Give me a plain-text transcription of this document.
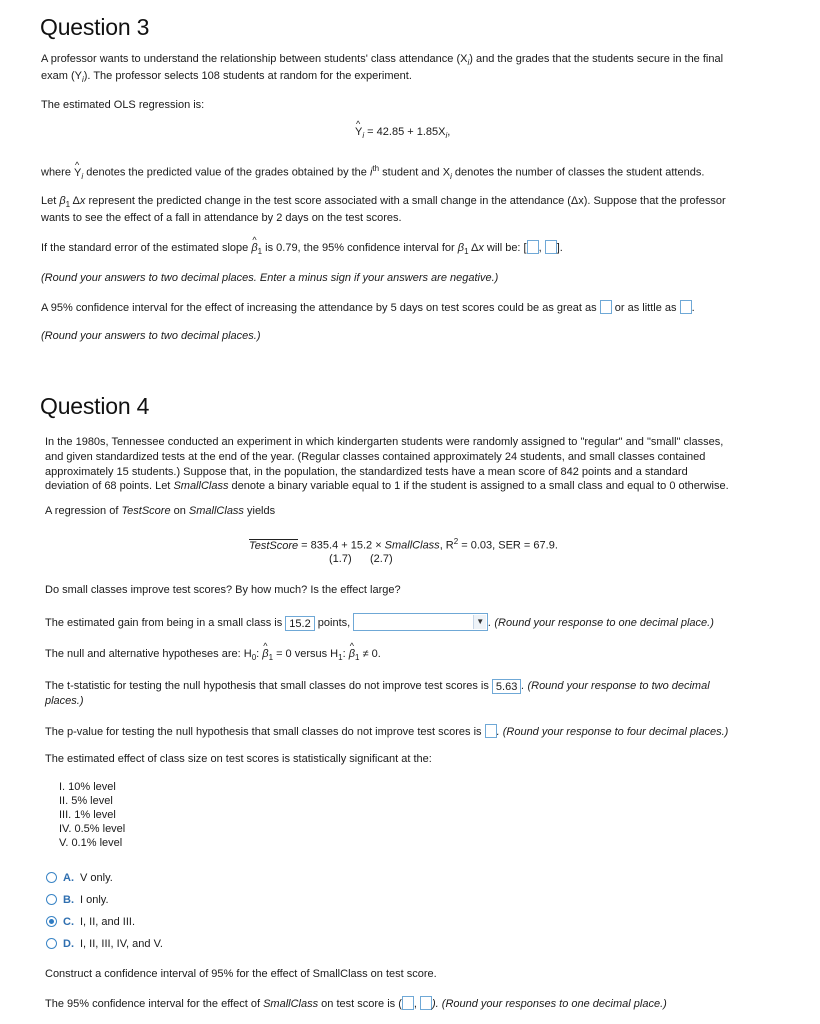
Question 3
A professor wants to understand the relationship between students' class attendance $(X_i)$ and the grades that the students secure in the final
exam $(Y_i)$. The professor selects 108 students at random for the experiment.
The estimated OLS regression is:
^ $Y_i = 42.85 + 1.85X_i$,
where ^ $Y_i$ denotes the predicted value of the grades obtained by the $i^{th}$ student and $X_i$ denotes the number of classes the student attends.
Let $\beta_1$ Δx represent the predicted change in the test score associated with a small change in the attendance (Δx). Suppose that the professor
wants to see the effect of a fall in attendance by 2 days on the test scores.
If the standard error of the estimated slope ^ $\beta_1$ is 0.79, the 95% confidence interval for $\beta_1$ Δx will be: [ , ].
(Round your answers to two decimal places. Enter a minus sign if your answers are negative.)
A 95% confidence interval for the effect of increasing the attendance by 5 days on test scores could be as great as or as little as .
(Round your answers to two decimal places.)
Question 4
In the 1980s, Tennessee conducted an experiment in which kindergarten students were randomly assigned to "regular" and "small" classes,
and given standardized tests at the end of the year. (Regular classes contained approximately 24 students, and small classes contained
approximately 15 students.) Suppose that, in the population, the standardized tests have a mean score of 842 points and a standard
deviation of 68 points. Let SmallClass denote a binary variable equal to 1 if the student is assigned to a small class and equal to 0 otherwise.
A regression of TestScore on SmallClass yields
TestScore = 835.4 + 15.2 × SmallClass, $R^2 = 0.03$, SER = 67.9.
(1.7) (2.7)
Do small classes improve test scores? By how much? Is the effect large?
The estimated gain from being in a small class is 15.2 points,	▼ . (Round your response to one decimal place.)
The null and alternative hypotheses are: $H_0$: ^ $\beta_1 = 0$ versus $H_1$: ^ $\beta_1 \ne 0$.
The t-statistic for testing the null hypothesis that small classes do not improve test scores is 5.63 . (Round your response to two decimal
places.)
The p-value for testing the null hypothesis that small classes do not improve test scores is . (Round your response to four decimal places.)
The estimated effect of class size on test scores is statistically significant at the:
I. 10% level
II. 5% level
III. 1% level
IV. 0.5% level
V. 0.1% level
A. V only.
B. I only.
C. I, II, and III.
D. I, II, III, IV, and V.
Construct a confidence interval of 95% for the effect of SmallClass on test score.
The 95% confidence interval for the effect of SmallClass on test score is ( , ). (Round your responses to one decimal place.)
